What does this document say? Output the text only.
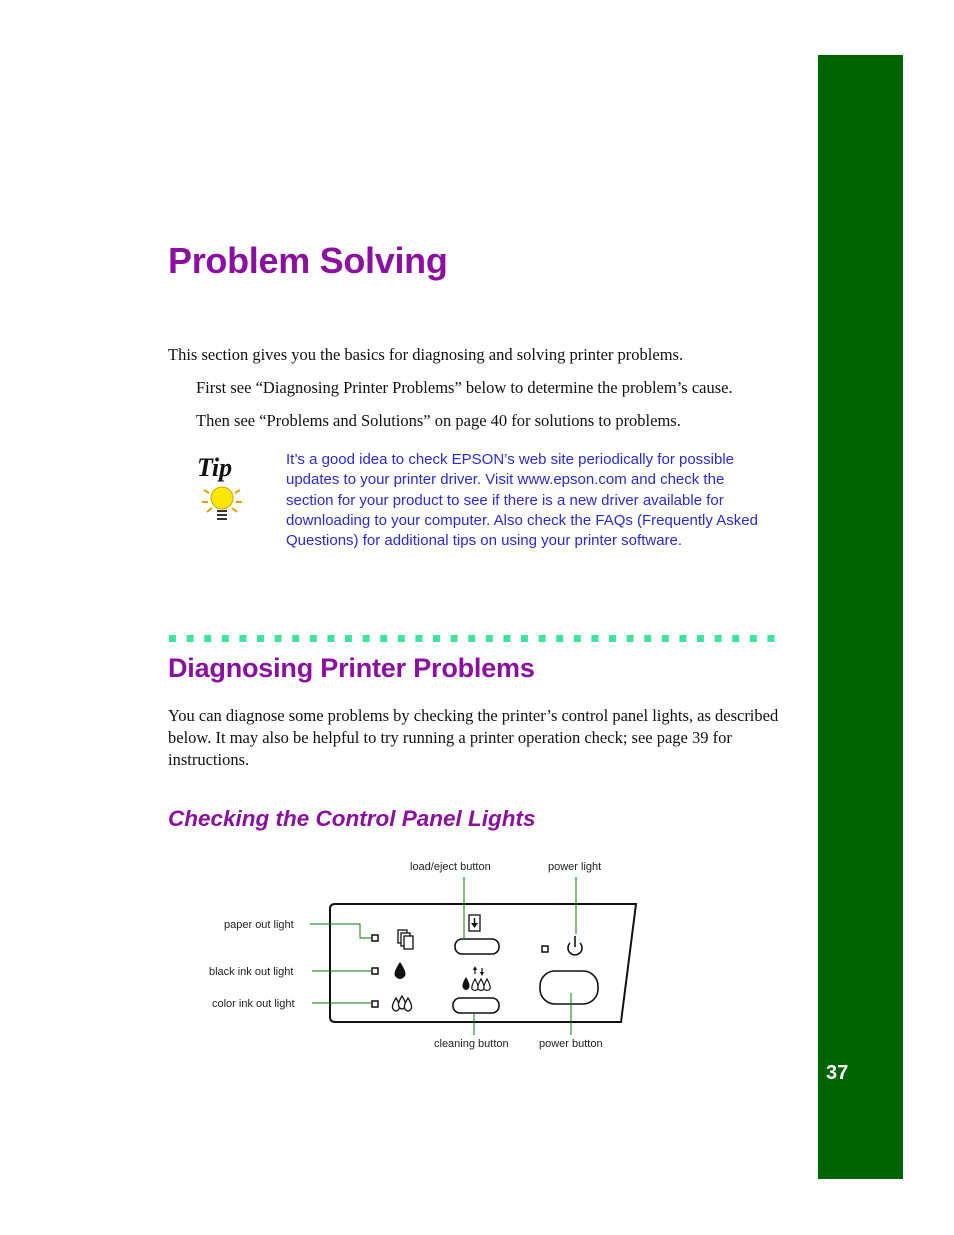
37
Problem Solving

This section gives you the basics for diagnosing and solving printer problems.

First see “Diagnosing Printer Problems” below to determine the problem’s cause.

Then see “Problems and Solutions” on page 40 for solutions to problems.

Tip	It’s a good idea to check EPSON’s web site periodically for possible updates to your printer driver. Visit www.epson.com and check the section for your product to see if there is a new driver available for downloading to your computer. Also check the FAQs (Frequently Asked Questions) for additional tips on using your printer software.

Diagnosing Printer Problems

You can diagnose some problems by checking the printer’s control panel lights, as described below. It may also be helpful to try running a printer operation check; see page 39 for instructions.

Checking the Control Panel Lights
load/eject button	power light
paper out light
black ink out light
color ink out light
cleaning button	power button
